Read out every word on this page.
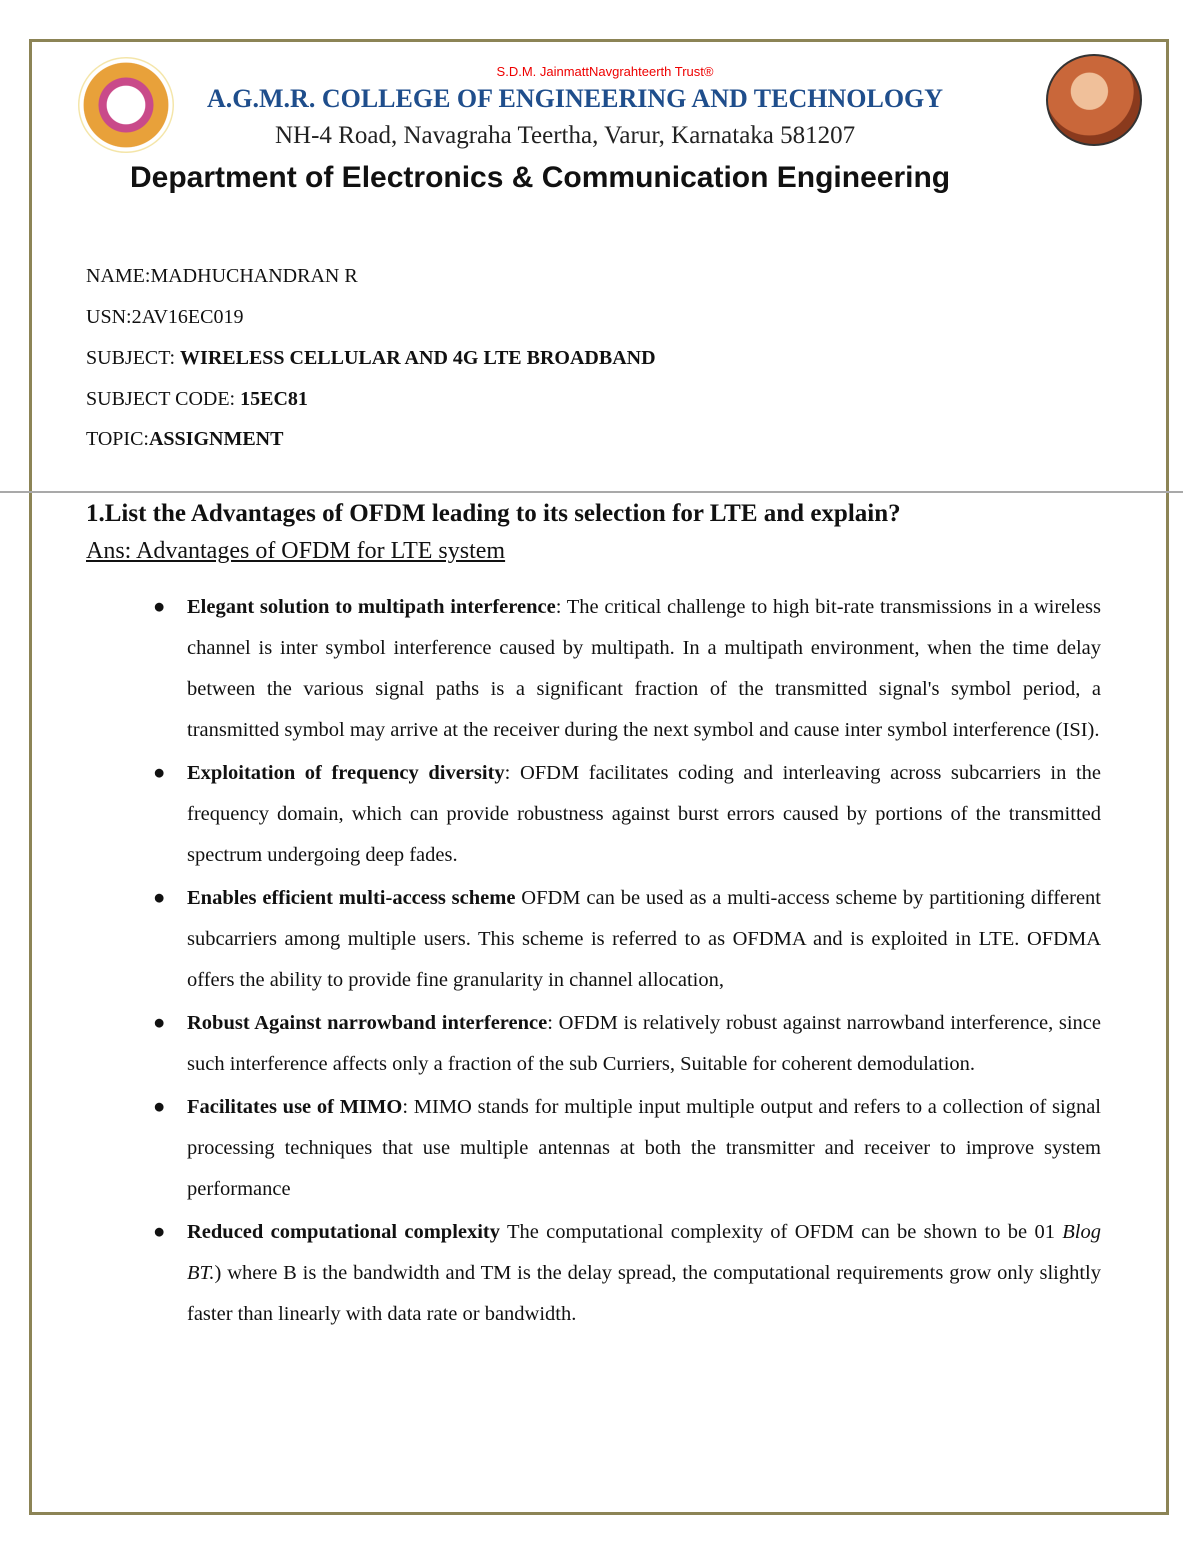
S.D.M. JainmattNavgrahteerth Trust®
A.G.M.R. COLLEGE OF ENGINEERING AND TECHNOLOGY
NH-4 Road, Navagraha Teertha, Varur, Karnataka 581207
Department of Electronics & Communication Engineering
NAME:MADHUCHANDRAN R
USN:2AV16EC019
SUBJECT: WIRELESS CELLULAR AND 4G LTE BROADBAND
SUBJECT CODE: 15EC81
TOPIC:ASSIGNMENT
1.List the Advantages of OFDM leading to its selection for LTE and explain?
Ans: Advantages of OFDM for LTE system
● Elegant solution to multipath interference: The critical challenge to high bit-rate transmissions in a wireless channel is inter symbol interference caused by multipath. In a multipath environment, when the time delay between the various signal paths is a significant fraction of the transmitted signal's symbol period, a transmitted symbol may arrive at the receiver during the next symbol and cause inter symbol interference (ISI).
● Exploitation of frequency diversity: OFDM facilitates coding and interleaving across subcarriers in the frequency domain, which can provide robustness against burst errors caused by portions of the transmitted spectrum undergoing deep fades.
● Enables efficient multi-access scheme OFDM can be used as a multi-access scheme by partitioning different subcarriers among multiple users. This scheme is referred to as OFDMA and is exploited in LTE. OFDMA offers the ability to provide fine granularity in channel allocation,
● Robust Against narrowband interference: OFDM is relatively robust against narrowband interference, since such interference affects only a fraction of the sub Curriers, Suitable for coherent demodulation.
● Facilitates use of MIMO: MIMO stands for multiple input multiple output and refers to a collection of signal processing techniques that use multiple antennas at both the transmitter and receiver to improve system performance
● Reduced computational complexity The computational complexity of OFDM can be shown to be 01 Blog BT.) where B is the bandwidth and TM is the delay spread, the computational requirements grow only slightly faster than linearly with data rate or bandwidth.
